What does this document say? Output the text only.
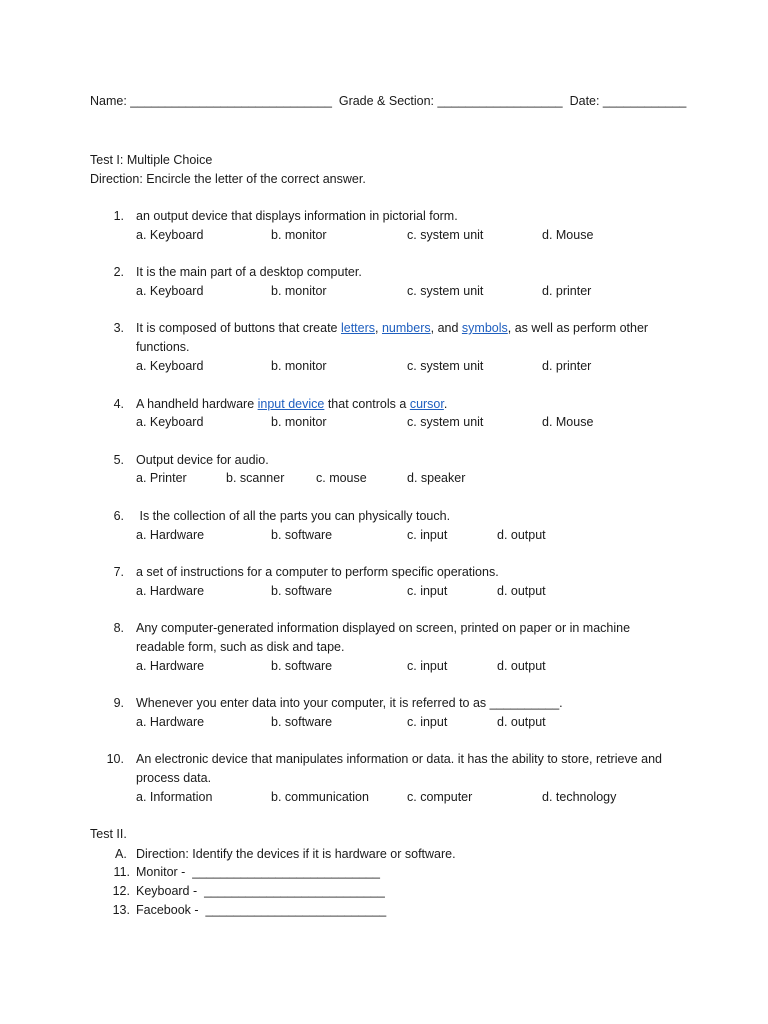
Name: _____________________________  Grade & Section: __________________  Date: ____________
Test I: Multiple Choice
Direction: Encircle the letter of the correct answer.
1. an output device that displays information in pictorial form.
a. Keyboard	b. monitor	c. system unit	d. Mouse
2. It is the main part of a desktop computer.
a. Keyboard	b. monitor	c. system unit	d. printer
3. It is composed of buttons that create letters, numbers, and symbols, as well as perform other functions.
a. Keyboard	b. monitor	c. system unit	d. printer
4. A handheld hardware input device that controls a cursor.
a. Keyboard	b. monitor	c. system unit	d. Mouse
5. Output device for audio.
a. Printer	b. scanner	c. mouse	d. speaker
6. Is the collection of all the parts you can physically touch.
a. Hardware	b. software	c. input	d. output
7. a set of instructions for a computer to perform specific operations.
a. Hardware	b. software	c. input	d. output
8. Any computer-generated information displayed on screen, printed on paper or in machine readable form, such as disk and tape.
a. Hardware	b. software	c. input	d. output
9. Whenever you enter data into your computer, it is referred to as __________.
a. Hardware	b. software	c. input	d. output
10. An electronic device that manipulates information or data. it has the ability to store, retrieve and process data.
a. Information	b. communication	c. computer	d. technology
Test II.
A. Direction: Identify the devices if it is hardware or software.
11. Monitor -  ___________________________
12. Keyboard -  __________________________
13. Facebook -  __________________________
